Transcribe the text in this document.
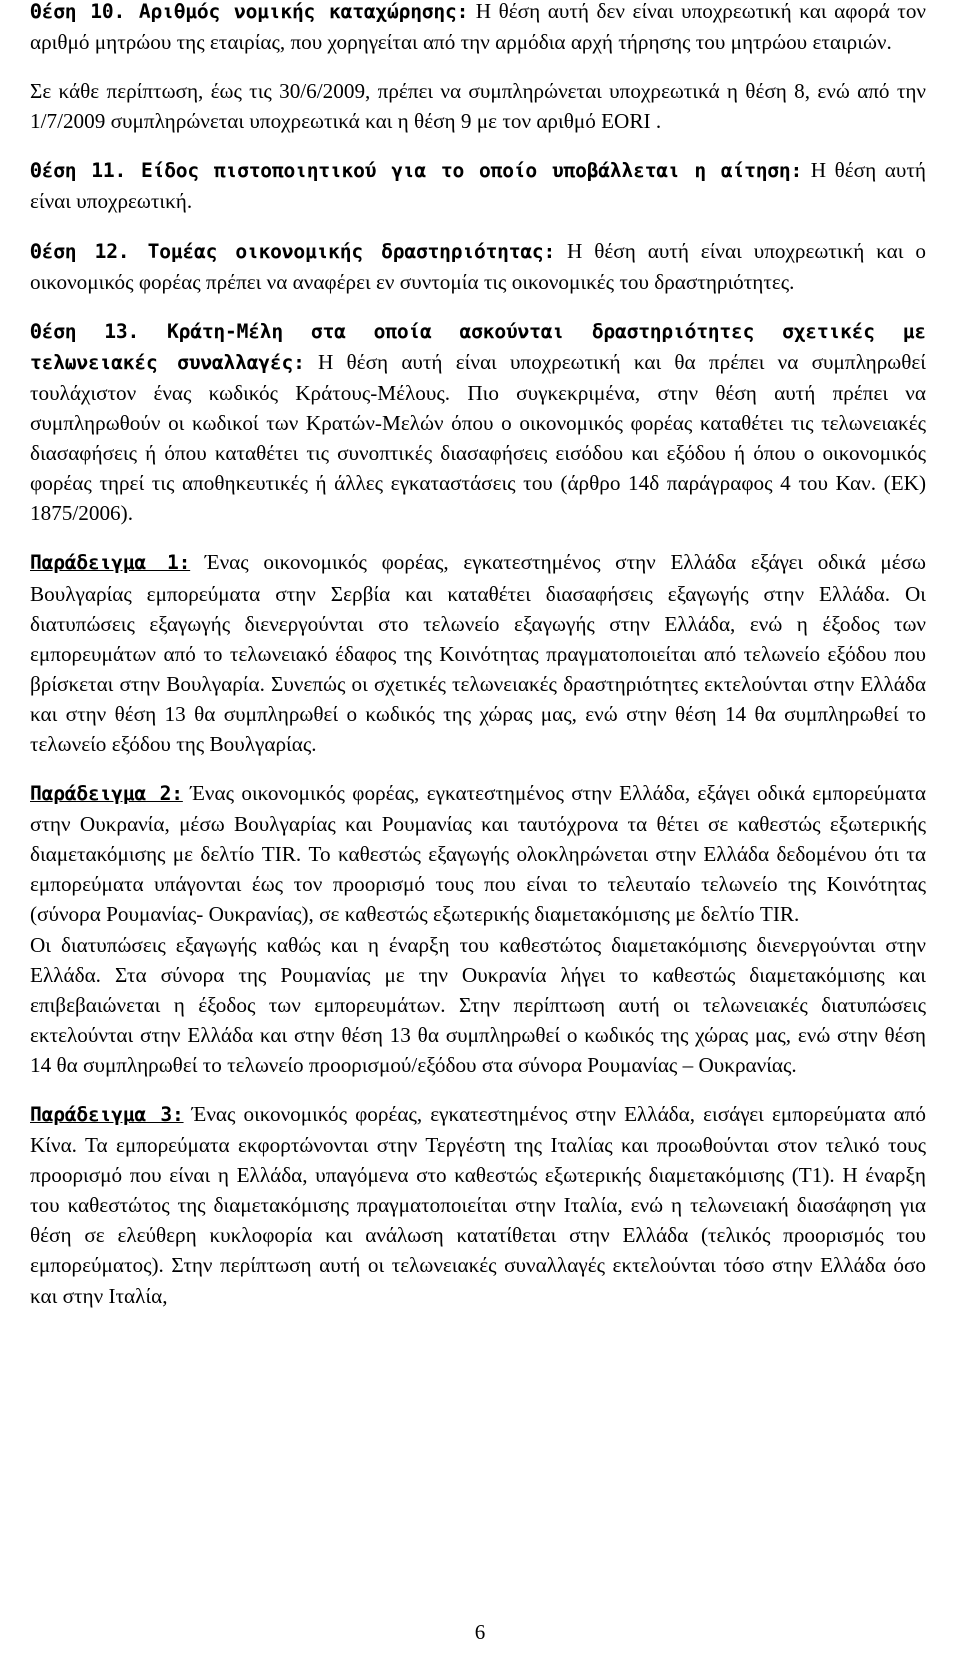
Θέση 10. Αριθμός νομικής καταχώρησης: Η θέση αυτή δεν είναι υποχρεωτική και αφορά τον αριθμό μητρώου της εταιρίας, που χορηγείται από την αρμόδια αρχή τήρησης του μητρώου εταιριών.

Σε κάθε περίπτωση, έως τις 30/6/2009, πρέπει να συμπληρώνεται υποχρεωτικά η θέση 8, ενώ από την 1/7/2009 συμπληρώνεται υποχρεωτικά και η θέση 9 με τον αριθμό EORI .

Θέση 11. Είδος πιστοποιητικού για το οποίο υποβάλλεται η αίτηση: Η θέση αυτή είναι υποχρεωτική.

Θέση 12. Τομέας οικονομικής δραστηριότητας: Η θέση αυτή είναι υποχρεωτική και ο οικονομικός φορέας πρέπει να αναφέρει εν συντομία τις οικονομικές του δραστηριότητες.

Θέση 13. Κράτη-Μέλη στα οποία ασκούνται δραστηριότητες σχετικές με τελωνειακές συναλλαγές: Η θέση αυτή είναι υποχρεωτική και θα πρέπει να συμπληρωθεί τουλάχιστον ένας κωδικός Κράτους-Μέλους. Πιο συγκεκριμένα, στην θέση αυτή πρέπει να συμπληρωθούν οι κωδικοί των Κρατών-Μελών όπου ο οικονομικός φορέας καταθέτει τις τελωνειακές διασαφήσεις ή όπου καταθέτει τις συνοπτικές διασαφήσεις εισόδου και εξόδου ή όπου ο οικονομικός φορέας τηρεί τις αποθηκευτικές ή άλλες εγκαταστάσεις του (άρθρο 14δ παράγραφος 4 του Καν. (ΕΚ) 1875/2006).

Παράδειγμα 1: Ένας οικονομικός φορέας, εγκατεστημένος στην Ελλάδα εξάγει οδικά μέσω Βουλγαρίας εμπορεύματα στην Σερβία και καταθέτει διασαφήσεις εξαγωγής στην Ελλάδα. Οι διατυπώσεις εξαγωγής διενεργούνται στο τελωνείο εξαγωγής στην Ελλάδα, ενώ η έξοδος των εμπορευμάτων από το τελωνειακό έδαφος της Κοινότητας πραγματοποιείται από τελωνείο εξόδου που βρίσκεται στην Βουλγαρία. Συνεπώς οι σχετικές τελωνειακές δραστηριότητες εκτελούνται στην Ελλάδα και στην θέση 13 θα συμπληρωθεί ο κωδικός της χώρας μας, ενώ στην θέση 14 θα συμπληρωθεί το τελωνείο εξόδου της Βουλγαρίας.

Παράδειγμα 2: Ένας οικονομικός φορέας, εγκατεστημένος στην Ελλάδα, εξάγει οδικά εμπορεύματα στην Ουκρανία, μέσω Βουλγαρίας και Ρουμανίας και ταυτόχρονα τα θέτει σε καθεστώς εξωτερικής διαμετακόμισης με δελτίο TIR. Το καθεστώς εξαγωγής ολοκληρώνεται στην Ελλάδα δεδομένου ότι τα εμπορεύματα υπάγονται έως τον προορισμό τους που είναι το τελευταίο τελωνείο της Κοινότητας (σύνορα Ρουμανίας- Ουκρανίας), σε καθεστώς εξωτερικής διαμετακόμισης με δελτίο TIR.
Οι διατυπώσεις εξαγωγής καθώς και η έναρξη του καθεστώτος διαμετακόμισης διενεργούνται στην Ελλάδα. Στα σύνορα της Ρουμανίας με την Ουκρανία λήγει το καθεστώς διαμετακόμισης και επιβεβαιώνεται η έξοδος των εμπορευμάτων. Στην περίπτωση αυτή οι τελωνειακές διατυπώσεις εκτελούνται στην Ελλάδα και στην θέση 13 θα συμπληρωθεί ο κωδικός της χώρας μας, ενώ στην θέση 14 θα συμπληρωθεί το τελωνείο προορισμού/εξόδου στα σύνορα Ρουμανίας – Ουκρανίας.

Παράδειγμα 3: Ένας οικονομικός φορέας, εγκατεστημένος στην Ελλάδα, εισάγει εμπορεύματα από Κίνα. Τα εμπορεύματα εκφορτώνονται στην Τεργέστη της Ιταλίας και προωθούνται στον τελικό τους προορισμό που είναι η Ελλάδα, υπαγόμενα στο καθεστώς εξωτερικής διαμετακόμισης (Τ1). Η έναρξη του καθεστώτος της διαμετακόμισης πραγματοποιείται στην Ιταλία, ενώ η τελωνειακή διασάφηση για θέση σε ελεύθερη κυκλοφορία και ανάλωση κατατίθεται στην Ελλάδα (τελικός προορισμός του εμπορεύματος). Στην περίπτωση αυτή οι τελωνειακές συναλλαγές εκτελούνται τόσο στην Ελλάδα όσο και στην Ιταλία,

6
